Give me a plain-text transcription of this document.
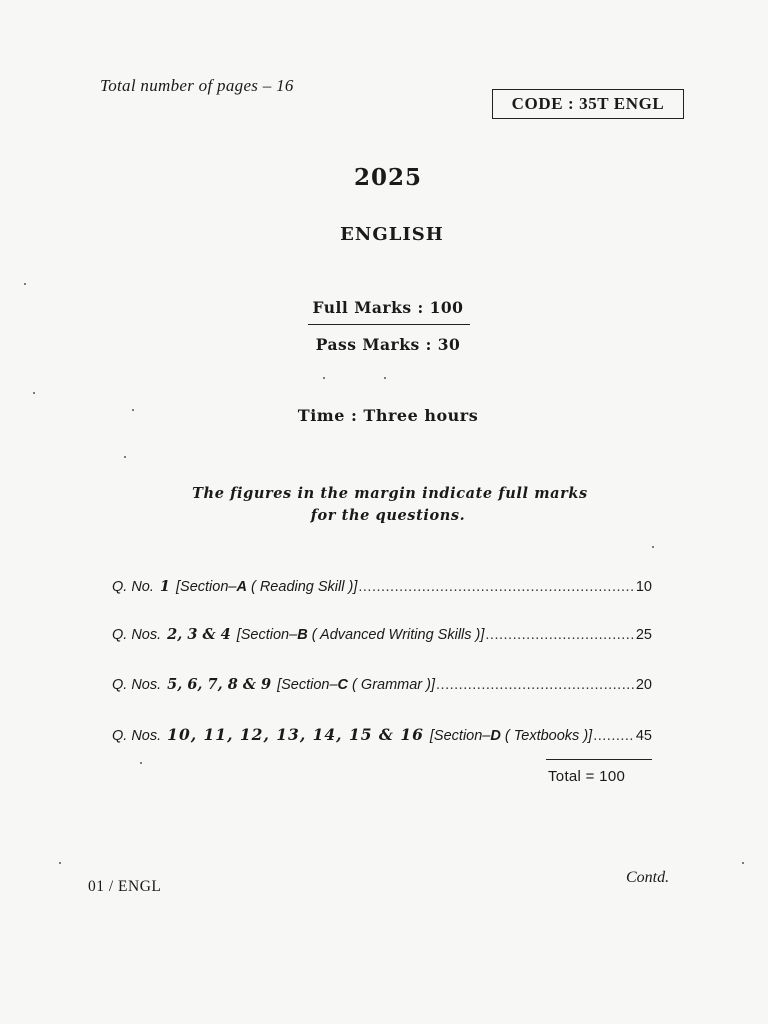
Total number of pages – 16
CODE : 35T ENGL
2025
ENGLISH
Full Marks : 100
Pass Marks : 30
Time : Three hours
The figures in the margin indicate full marks
for the questions.
Q. No. 1 [Section–A ( Reading Skill )] .....	10
Q. Nos. 2, 3 & 4 [Section–B ( Advanced Writing Skills )] .....	25
Q. Nos. 5, 6, 7, 8 & 9 [Section–C ( Grammar )] .....	20
Q. Nos. 10, 11, 12, 13, 14, 15 & 16 [Section–D ( Textbooks )] .....	45
Total = 100
Contd.
01 / ENGL
